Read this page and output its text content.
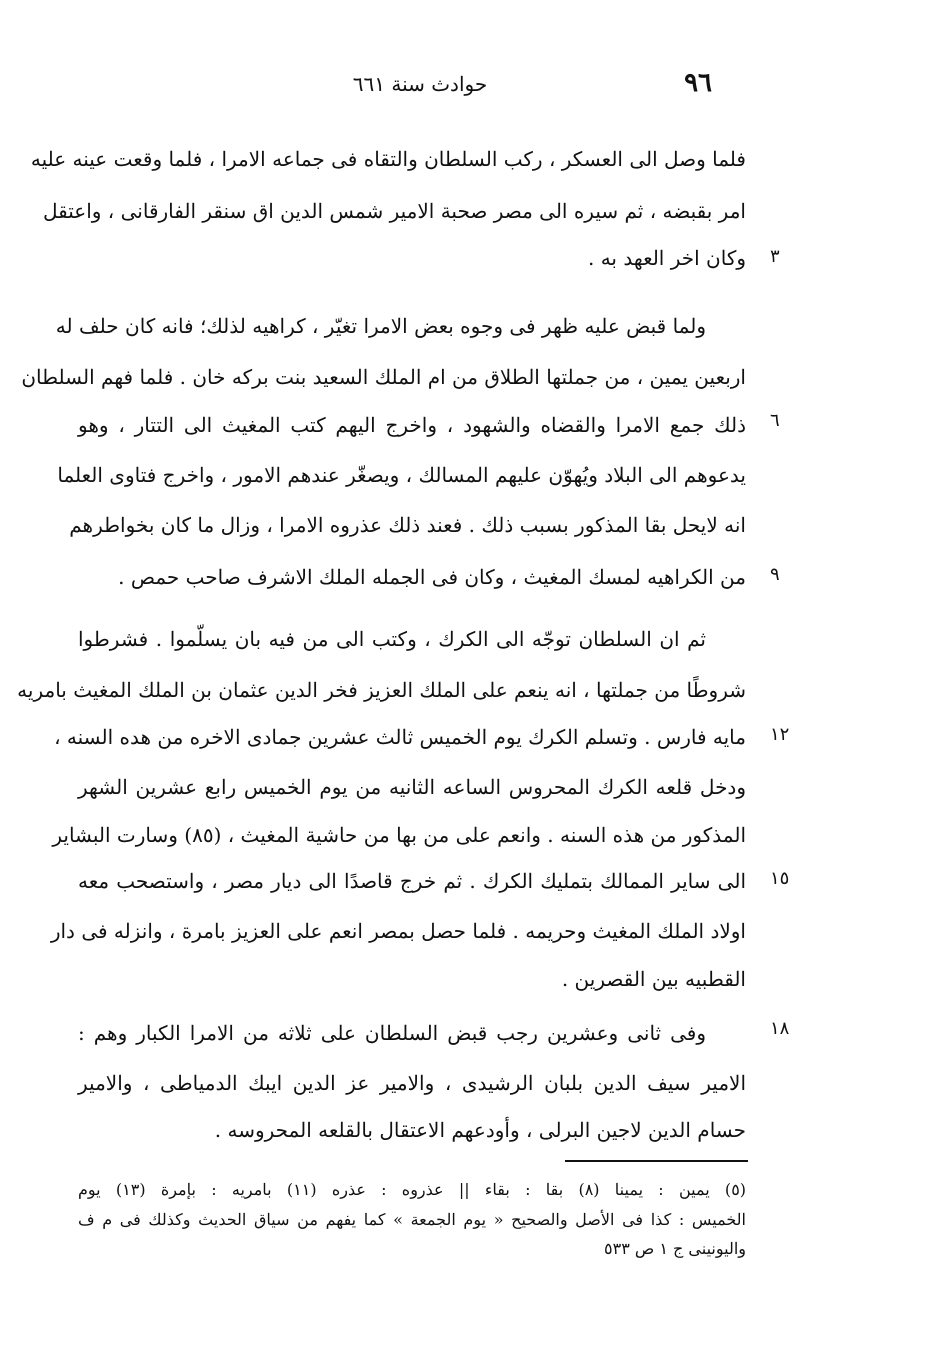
٩٦
حوادث سنة ٦٦١
فلما وصل الى العسكر ، ركب السلطان والتقاه فى جماعه الامرا ، فلما وقعت عينه عليه
امر بقبضه ، ثم سيره الى مصر صحبة الامير شمس الدين اق سنقر الفارقانى ، واعتقل
وكان اخر العهد به . ٣
ولما قبض عليه ظهر فى وجوه بعض الامرا تغيّر ، كراهيه لذلك؛ فانه كان حلف له
اربعين يمين ، من جملتها الطلاق من ام الملك السعيد بنت بركه خان . فلما فهم السلطان
ذلك جمع الامرا والقضاه والشهود ، واخرج اليهم كتب المغيث الى التتار ، وهو ٦
يدعوهم الى البلاد ويُهوّن عليهم المسالك ، ويصغّر عندهم الامور ، واخرج فتاوى العلما
انه لايحل بقا المذكور بسبب ذلك . فعند ذلك عذروه الامرا ، وزال ما كان بخواطرهم
من الكراهيه لمسك المغيث ، وكان فى الجمله الملك الاشرف صاحب حمص . ٩
ثم ان السلطان توجّه الى الكرك ، وكتب الى من فيه بان يسلّموا . فشرطوا
شروطًا من جملتها ، انه ينعم على الملك العزيز فخر الدين عثمان بن الملك المغيث بامريه
مايه فارس . وتسلم الكرك يوم الخميس ثالث عشرين جمادى الاخره من هده السنه ، ١٢
ودخل قلعه الكرك المحروس الساعه الثانيه من يوم الخميس رابع عشرين الشهر
المذكور من هذه السنه . وانعم على من بها من حاشية المغيث ، (٨٥) وسارت البشاير
الى ساير الممالك بتمليك الكرك . ثم خرج قاصدًا الى ديار مصر ، واستصحب معه ١٥
اولاد الملك المغيث وحريمه . فلما حصل بمصر انعم على العزيز بامرة ، وانزله فى دار
القطبيه بين القصرين .
وفى ثانى وعشرين رجب قبض السلطان على ثلاثه من الامرا الكبار وهم :	١٨
الامير سيف الدين بلبان الرشيدى ، والامير عز الدين ايبك الدمياطى ، والامير
حسام الدين لاجين البرلى ، وأودعهم الاعتقال بالقلعه المحروسه .
(٥) يمين : يمينا (٨) بقا : بقاء || عذروه : عذره (١١) بامريه : بإمرة (١٣) يوم
الخميس : كذا فى الأصل والصحيح « يوم الجمعة » كما يفهم من سياق الحديث وكذلك فى م ف
واليونينى ج ١ ص ٥٣٣
